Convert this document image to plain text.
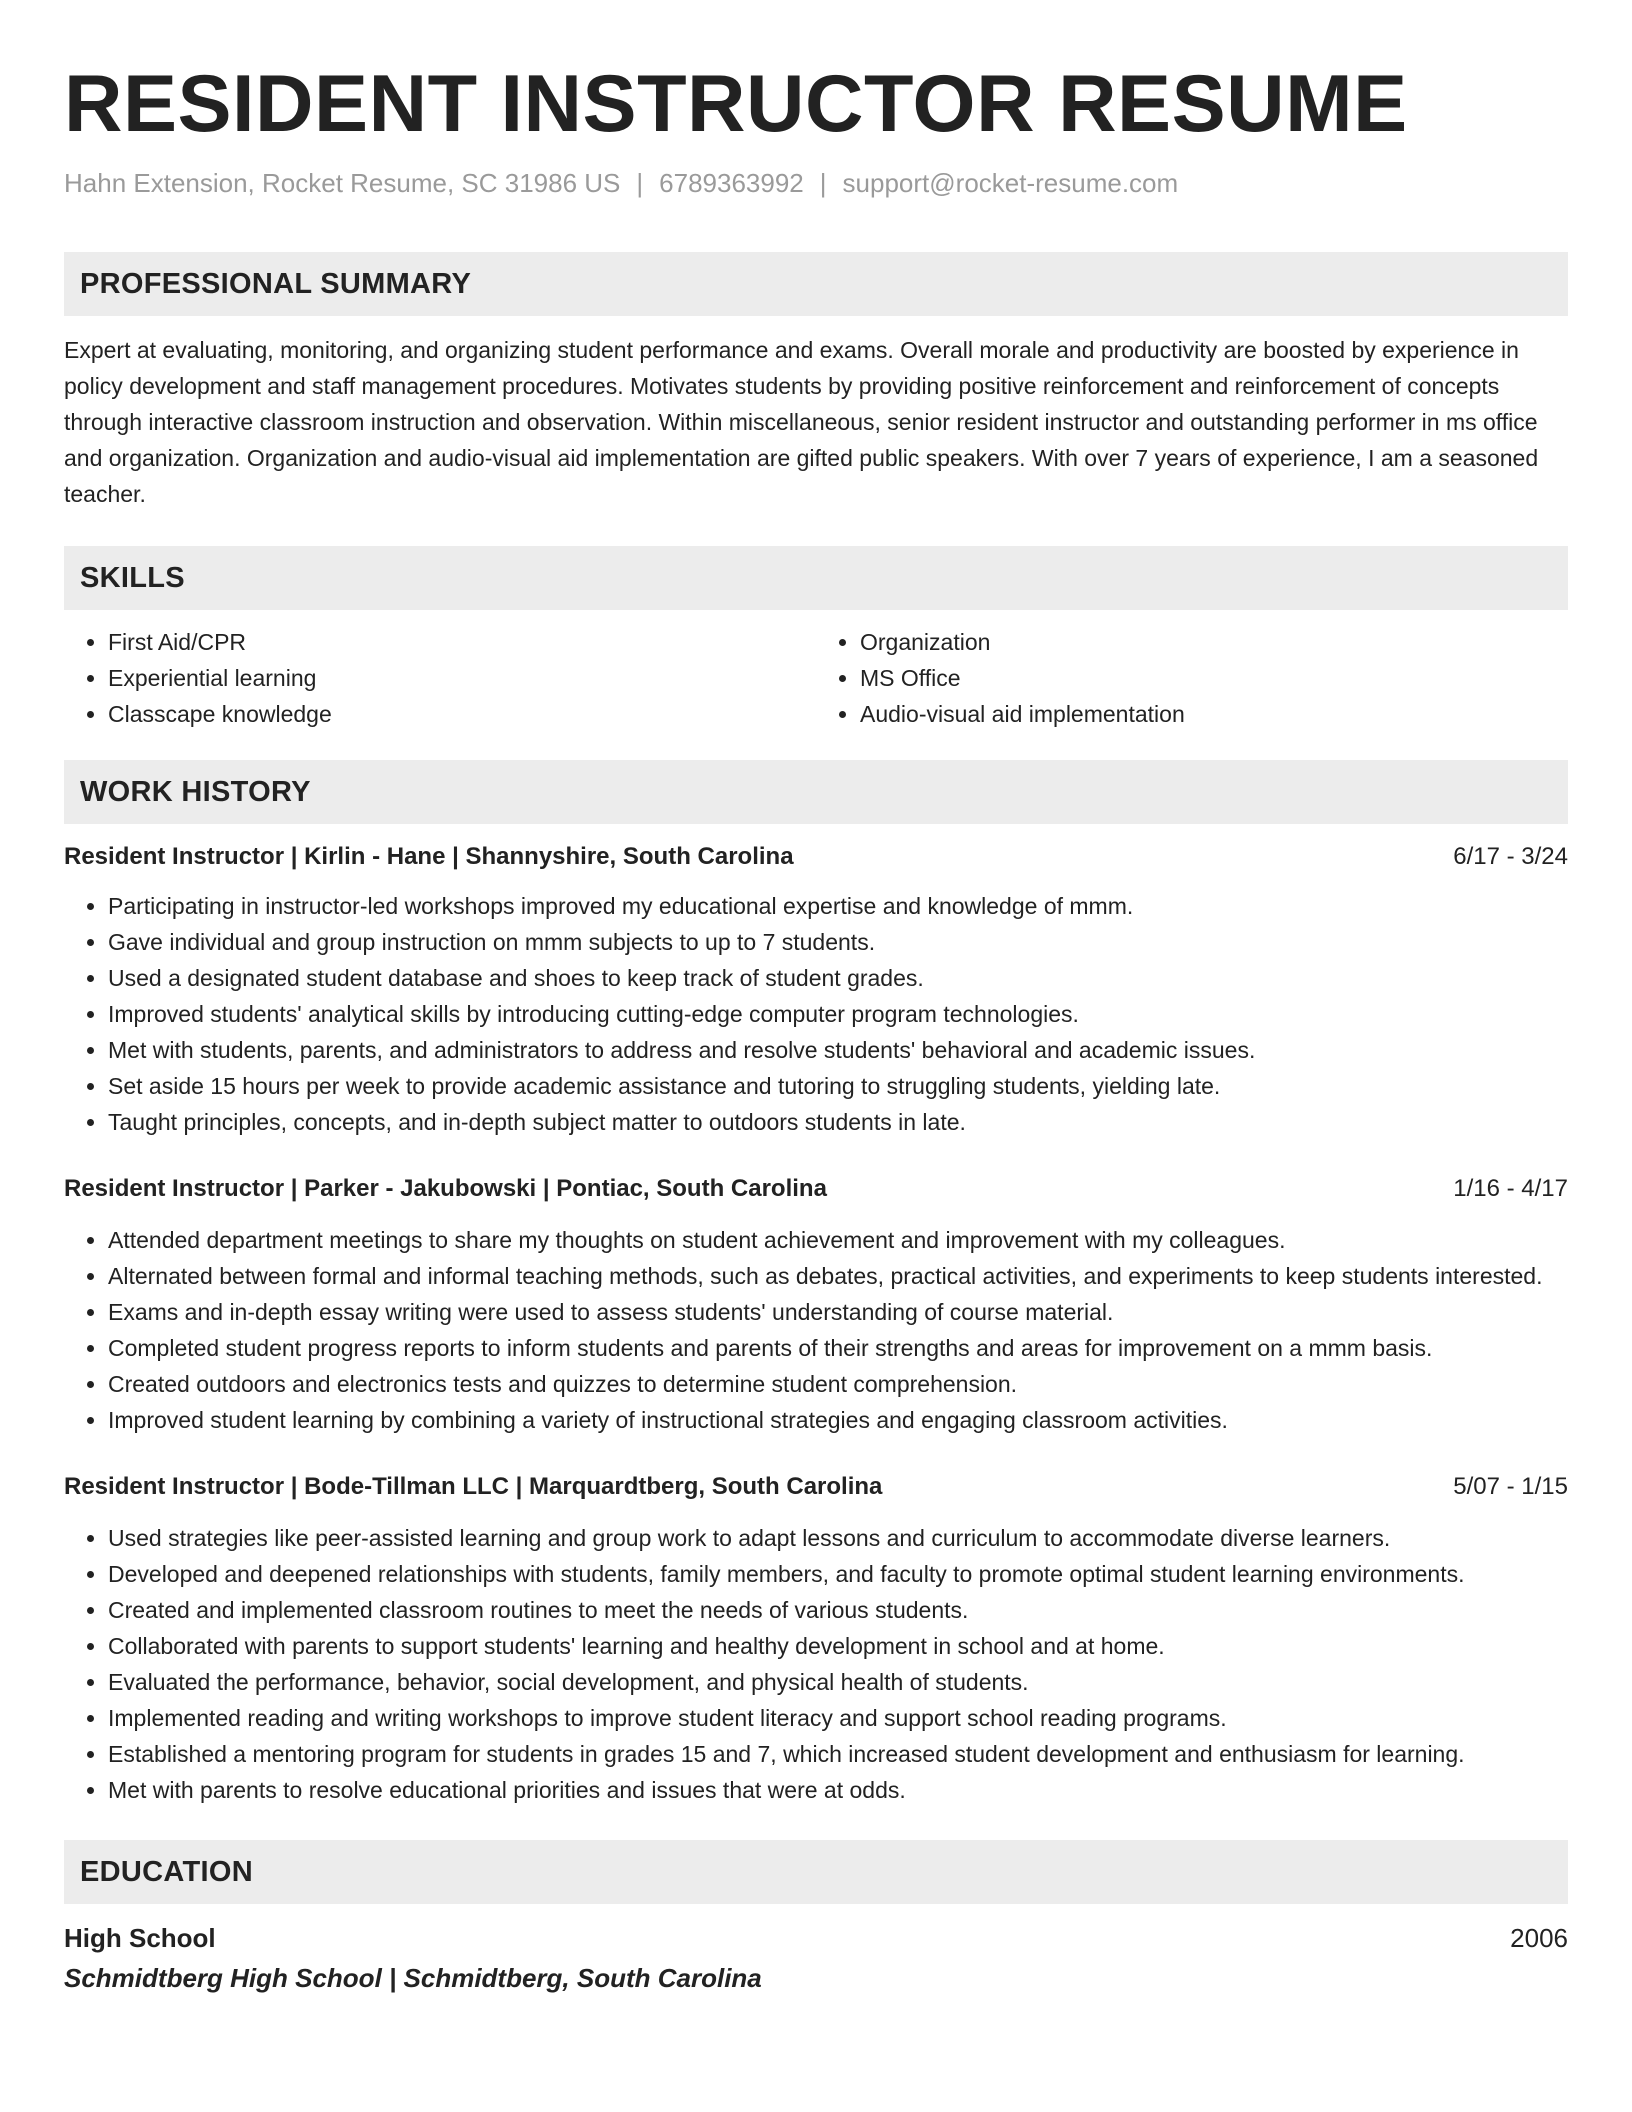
RESIDENT INSTRUCTOR RESUME
Hahn Extension, Rocket Resume, SC 31986 US | 6789363992 | support@rocket-resume.com
PROFESSIONAL SUMMARY

Expert at evaluating, monitoring, and organizing student performance and exams. Overall morale and productivity are boosted by experience in policy development and staff management procedures. Motivates students by providing positive reinforcement and reinforcement of concepts through interactive classroom instruction and observation. Within miscellaneous, senior resident instructor and outstanding performer in ms office and organization. Organization and audio-visual aid implementation are gifted public speakers. With over 7 years of experience, I am a seasoned teacher.

SKILLS
• First Aid/CPR
• Experiential learning
• Classcape knowledge
• Organization
• MS Office
• Audio-visual aid implementation
WORK HISTORY
Resident Instructor | Kirlin - Hane | Shannyshire, South Carolina	6/17 - 3/24
• Participating in instructor-led workshops improved my educational expertise and knowledge of mmm.
• Gave individual and group instruction on mmm subjects to up to 7 students.
• Used a designated student database and shoes to keep track of student grades.
• Improved students' analytical skills by introducing cutting-edge computer program technologies.
• Met with students, parents, and administrators to address and resolve students' behavioral and academic issues.
• Set aside 15 hours per week to provide academic assistance and tutoring to struggling students, yielding late.
• Taught principles, concepts, and in-depth subject matter to outdoors students in late.
Resident Instructor | Parker - Jakubowski | Pontiac, South Carolina	1/16 - 4/17
• Attended department meetings to share my thoughts on student achievement and improvement with my colleagues.
• Alternated between formal and informal teaching methods, such as debates, practical activities, and experiments to keep students interested.
• Exams and in-depth essay writing were used to assess students' understanding of course material.
• Completed student progress reports to inform students and parents of their strengths and areas for improvement on a mmm basis.
• Created outdoors and electronics tests and quizzes to determine student comprehension.
• Improved student learning by combining a variety of instructional strategies and engaging classroom activities.
Resident Instructor | Bode-Tillman LLC | Marquardtberg, South Carolina	5/07 - 1/15
• Used strategies like peer-assisted learning and group work to adapt lessons and curriculum to accommodate diverse learners.
• Developed and deepened relationships with students, family members, and faculty to promote optimal student learning environments.
• Created and implemented classroom routines to meet the needs of various students.
• Collaborated with parents to support students' learning and healthy development in school and at home.
• Evaluated the performance, behavior, social development, and physical health of students.
• Implemented reading and writing workshops to improve student literacy and support school reading programs.
• Established a mentoring program for students in grades 15 and 7, which increased student development and enthusiasm for learning.
• Met with parents to resolve educational priorities and issues that were at odds.
EDUCATION
High School	2006
Schmidtberg High School | Schmidtberg, South Carolina
